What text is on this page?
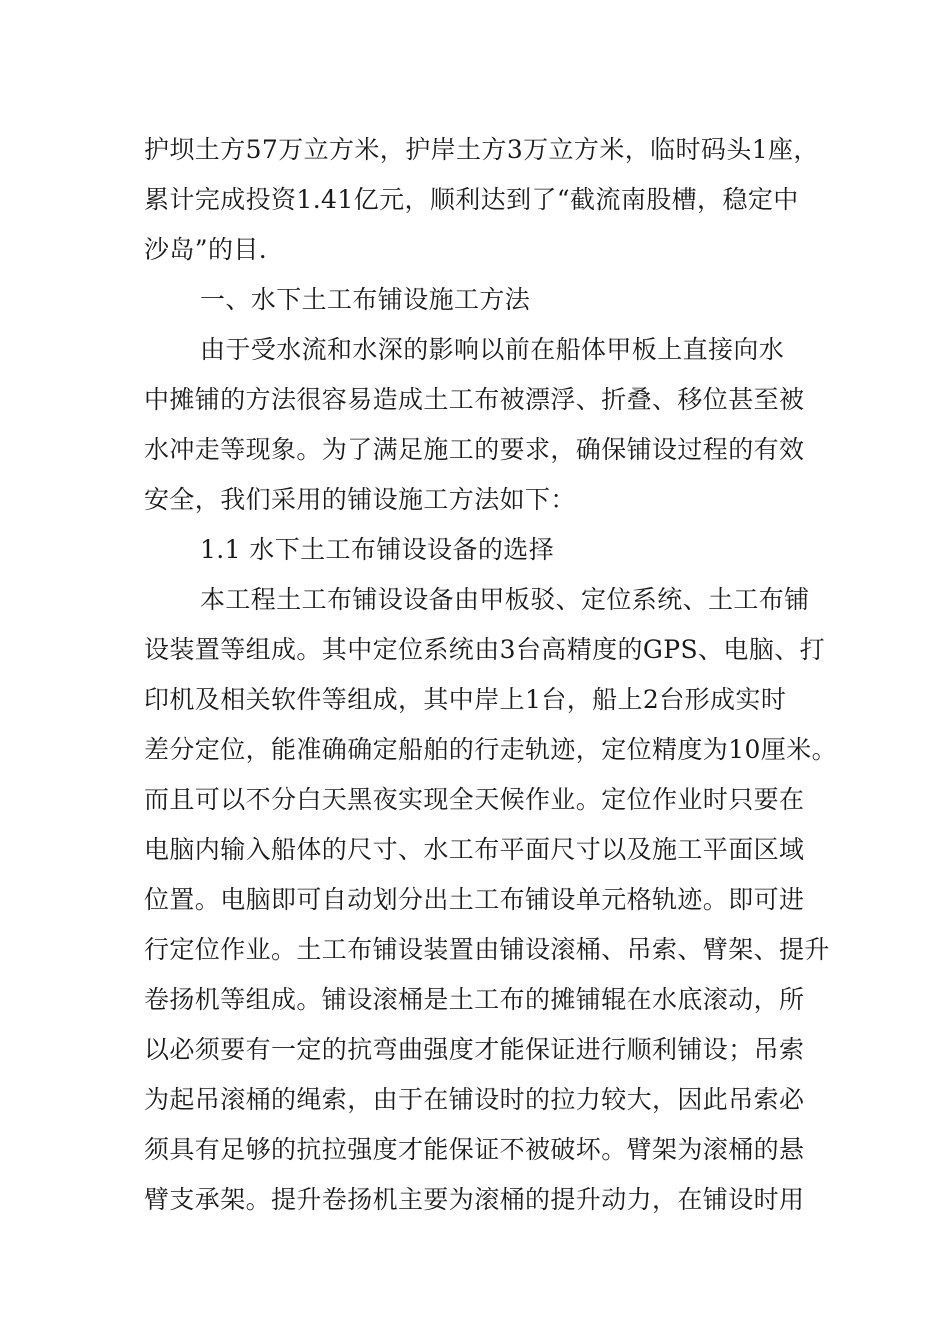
护坝土方57万立方米，护岸土方3万立方米，临时码头1座，
累计完成投资1.41亿元，顺利达到了“截流南股槽，稳定中
沙岛”的目.
一、水下土工布铺设施工方法
由于受水流和水深的影响以前在船体甲板上直接向水
中摊铺的方法很容易造成土工布被漂浮、折叠、移位甚至被
水冲走等现象。为了满足施工的要求，确保铺设过程的有效
安全，我们采用的铺设施工方法如下：
1.1 水下土工布铺设设备的选择
本工程土工布铺设设备由甲板驳、定位系统、土工布铺
设装置等组成。其中定位系统由3台高精度的GPS、电脑、打
印机及相关软件等组成，其中岸上1台，船上2台形成实时
差分定位，能准确确定船舶的行走轨迹，定位精度为10厘米。
而且可以不分白天黑夜实现全天候作业。定位作业时只要在
电脑内输入船体的尺寸、水工布平面尺寸以及施工平面区域
位置。电脑即可自动划分出土工布铺设单元格轨迹。即可进
行定位作业。土工布铺设装置由铺设滚桶、吊索、臂架、提升
卷扬机等组成。铺设滚桶是土工布的摊铺辊在水底滚动，所
以必须要有一定的抗弯曲强度才能保证进行顺利铺设；吊索
为起吊滚桶的绳索，由于在铺设时的拉力较大，因此吊索必
须具有足够的抗拉强度才能保证不被破坏。臂架为滚桶的悬
臂支承架。提升卷扬机主要为滚桶的提升动力，在铺设时用
